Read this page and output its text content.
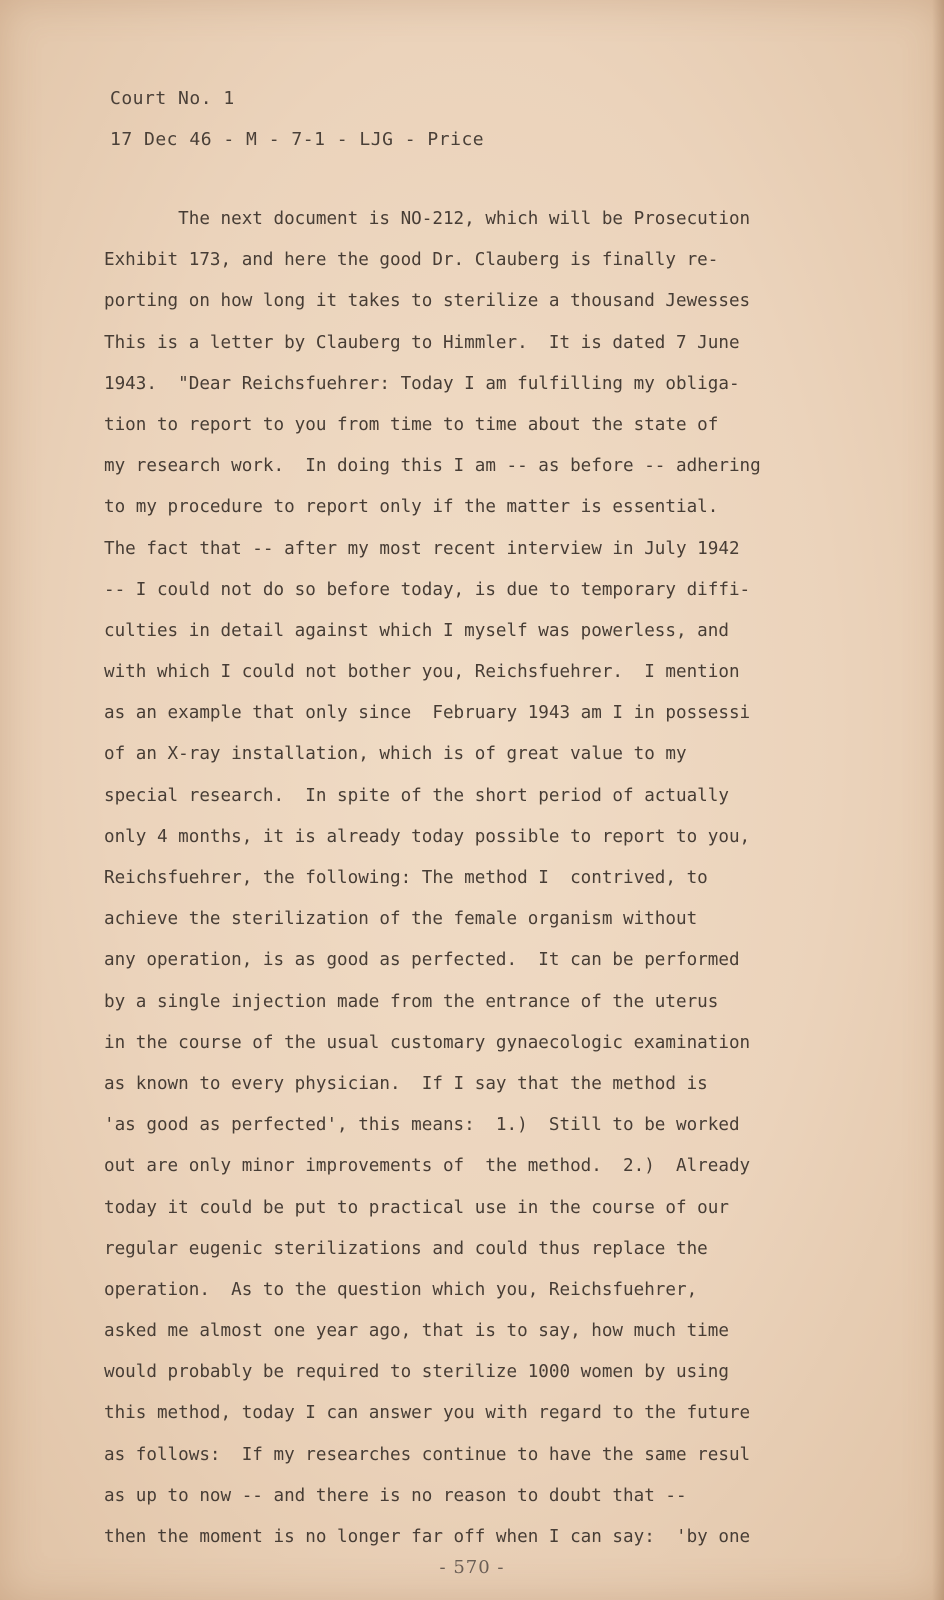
Court No. 1
17 Dec 46 - M - 7-1 - LJG - Price
The next document is NO-212, which will be Prosecution
Exhibit 173, and here the good Dr. Clauberg is finally re-
porting on how long it takes to sterilize a thousand Jewesses
This is a letter by Clauberg to Himmler.  It is dated 7 June
1943.  "Dear Reichsfuehrer: Today I am fulfilling my obliga-
tion to report to you from time to time about the state of
my research work.  In doing this I am -- as before -- adhering
to my procedure to report only if the matter is essential.
The fact that -- after my most recent interview in July 1942
-- I could not do so before today, is due to temporary diffi-
culties in detail against which I myself was powerless, and
with which I could not bother you, Reichsfuehrer.  I mention
as an example that only since  February 1943 am I in possessi
of an X-ray installation, which is of great value to my
special research.  In spite of the short period of actually
only 4 months, it is already today possible to report to you,
Reichsfuehrer, the following: The method I  contrived, to
achieve the sterilization of the female organism without
any operation, is as good as perfected.  It can be performed
by a single injection made from the entrance of the uterus
in the course of the usual customary gynaecologic examination
as known to every physician.  If I say that the method is
'as good as perfected', this means:  1.)  Still to be worked
out are only minor improvements of  the method.  2.)  Already
today it could be put to practical use in the course of our
regular eugenic sterilizations and could thus replace the
operation.  As to the question which you, Reichsfuehrer,
asked me almost one year ago, that is to say, how much time
would probably be required to sterilize 1000 women by using
this method, today I can answer you with regard to the future
as follows:  If my researches continue to have the same resul
as up to now -- and there is no reason to doubt that --
then the moment is no longer far off when I can say:  'by one
- 570 -
